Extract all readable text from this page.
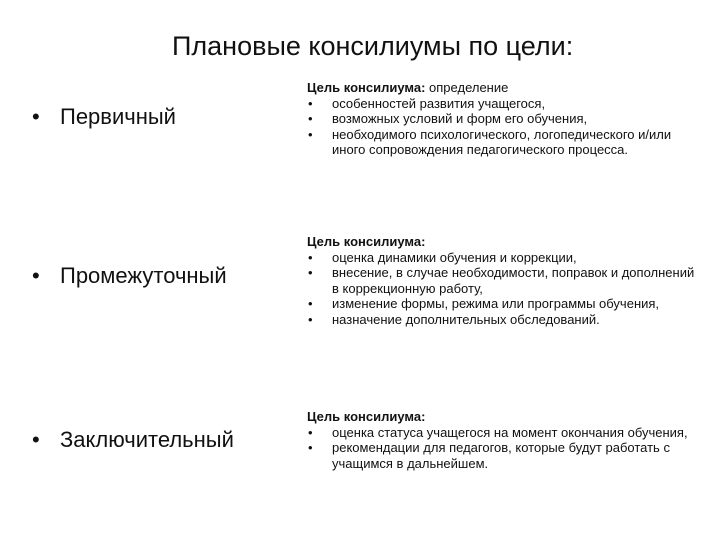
Плановые консилиумы по цели:
• Первичный
• Промежуточный
• Заключительный
Цель консилиума: определение
• особенностей развития учащегося,
• возможных условий и форм его обучения,
• необходимого психологического, логопедического и/или иного сопровождения педагогического процесса.
Цель консилиума:
• оценка динамики обучения и коррекции,
• внесение, в случае необходимости, поправок и дополнений в коррекционную работу,
• изменение формы, режима или программы обучения,
• назначение дополнительных обследований.
Цель консилиума:
• оценка статуса учащегося на момент окончания обучения,
• рекомендации для педагогов, которые будут работать с учащимся в дальнейшем.
